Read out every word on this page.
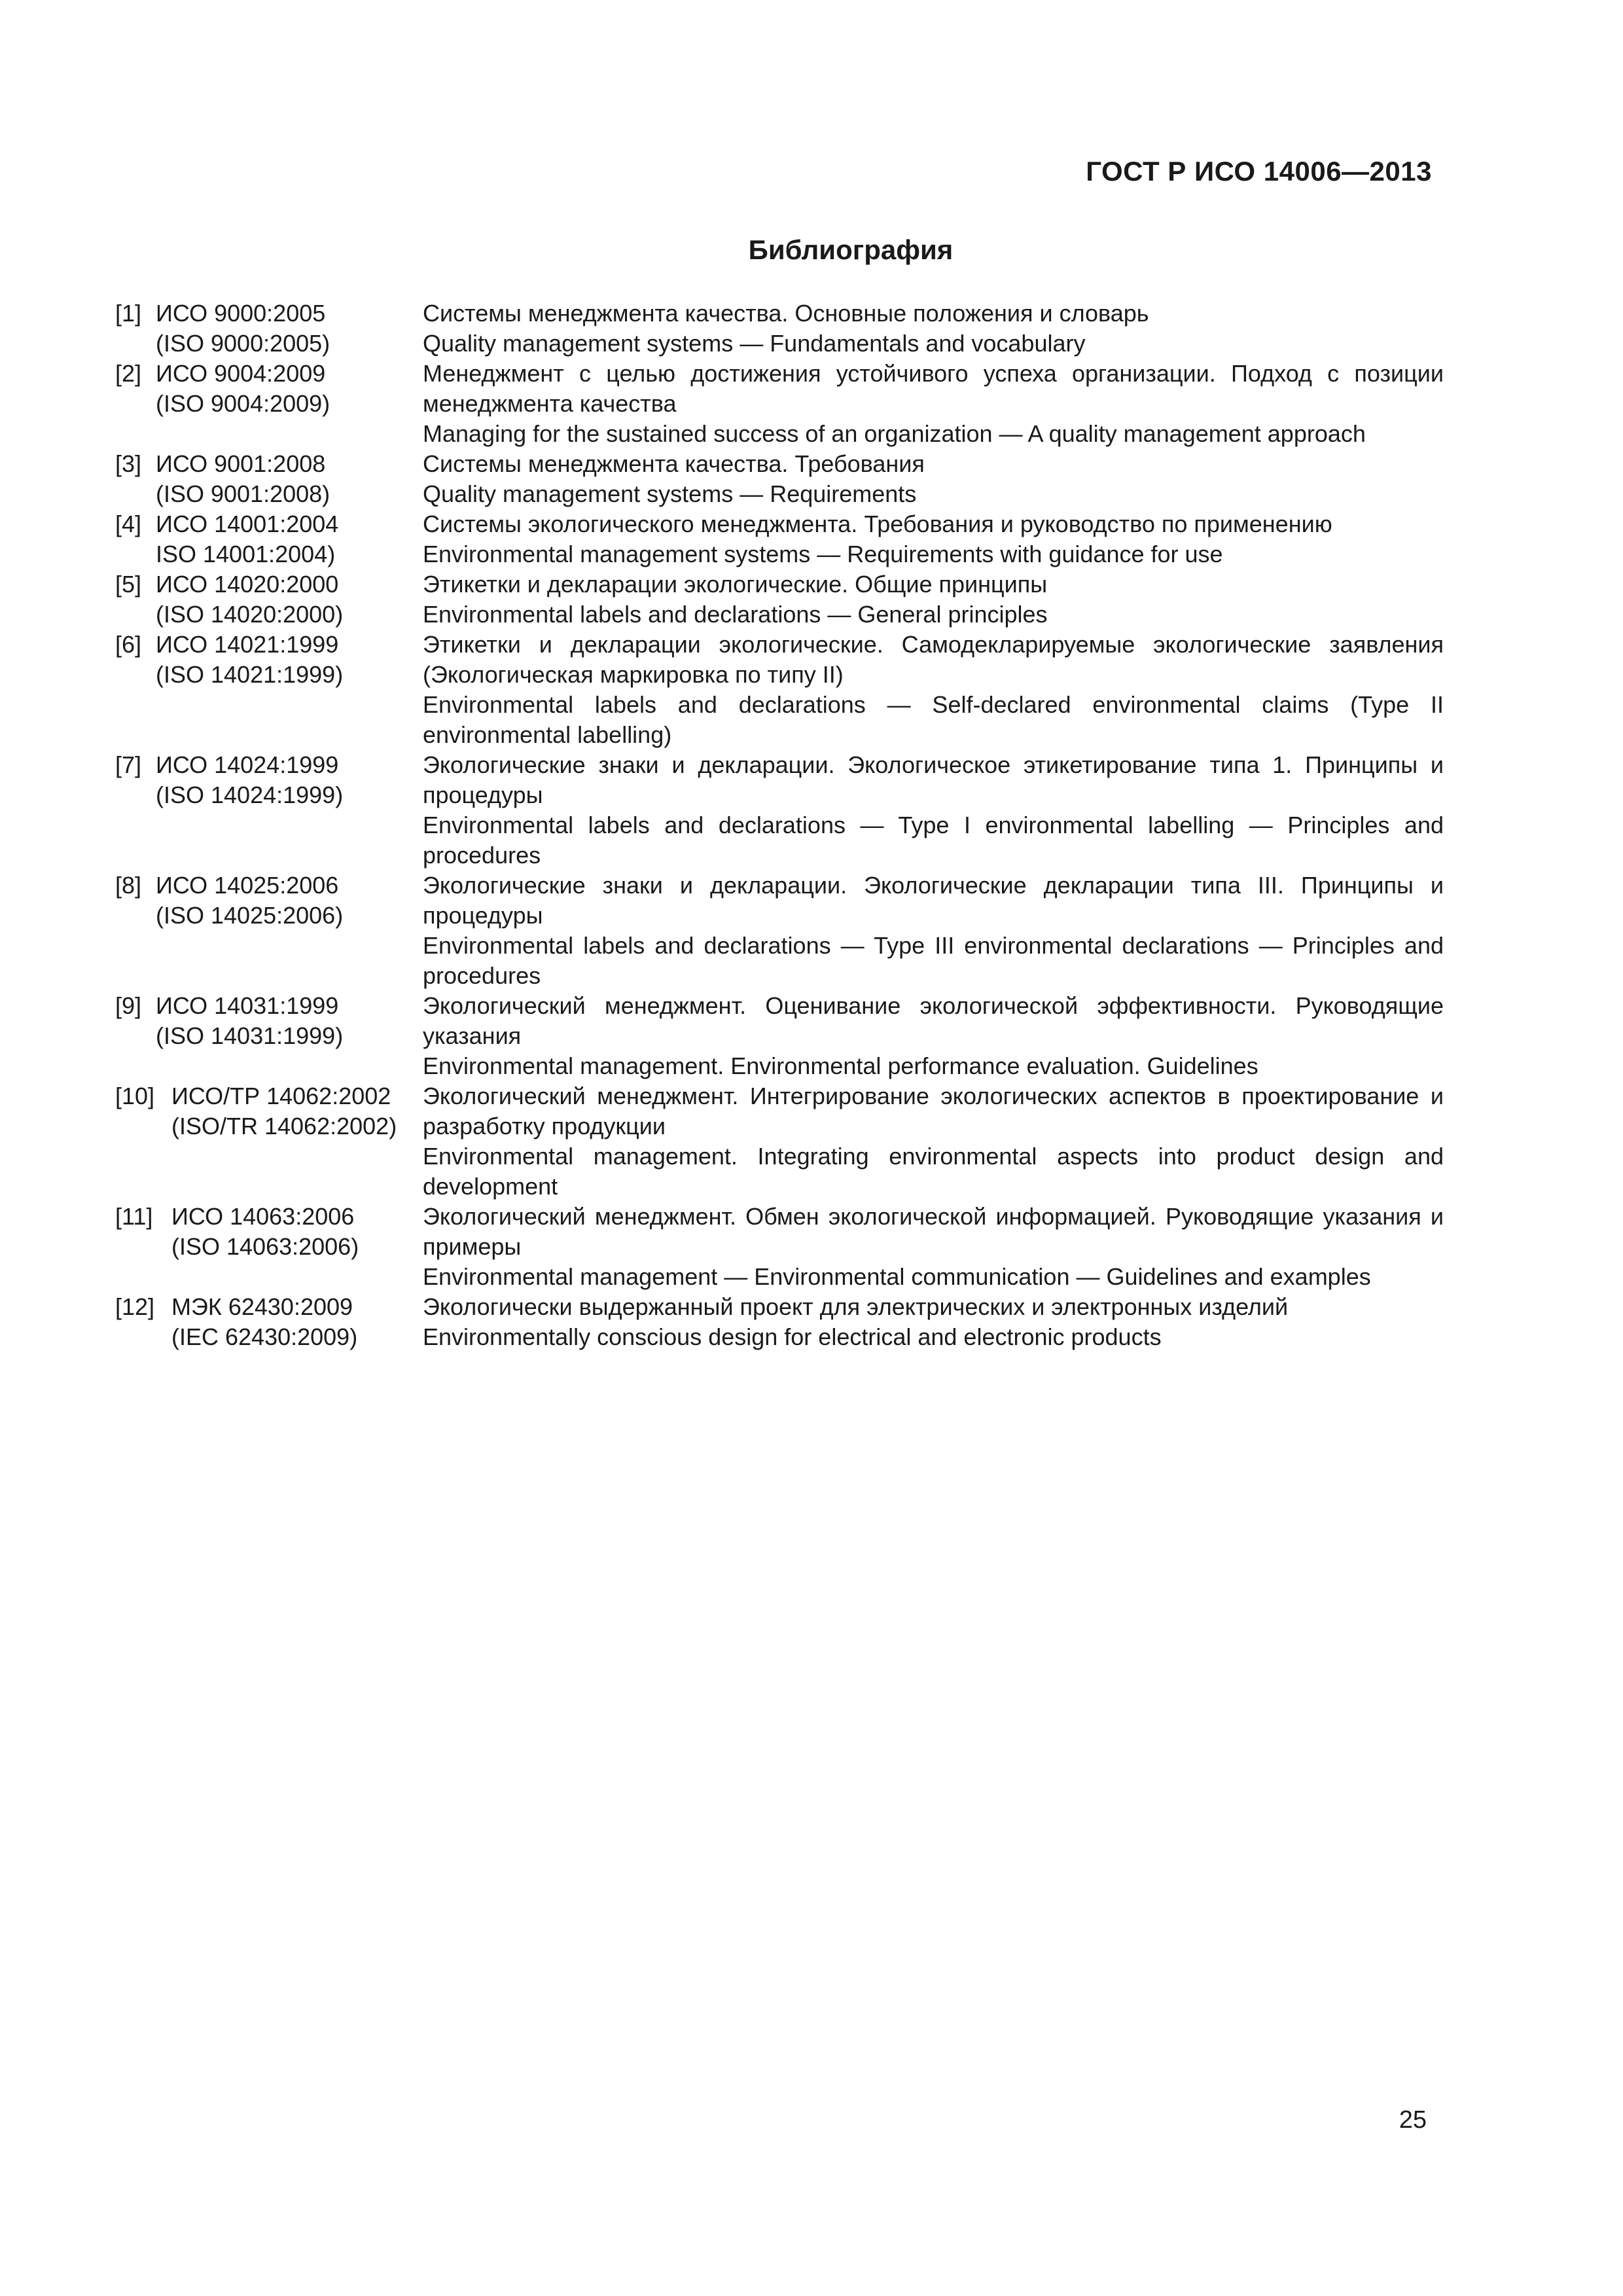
ГОСТ Р ИСО 14006—2013
Библиография
[1] ИСО 9000:2005
(ISO 9000:2005)

Системы менеджмента качества. Основные положения и словарь

Quality management systems — Fundamentals and vocabulary

[2] ИСО 9004:2009
(ISO 9004:2009)

Менеджмент с целью достижения устойчивого успеха организации. Подход с позиции менеджмента качества

Managing for the sustained success of an organization — A quality management approach

[3] ИСО 9001:2008
(ISO 9001:2008)

Системы менеджмента качества. Требования

Quality management systems — Requirements

[4] ИСО 14001:2004
ISO 14001:2004)

Системы экологического менеджмента. Требования и руководство по применению

Environmental management systems — Requirements with guidance for use

[5] ИСО 14020:2000
(ISO 14020:2000)

Этикетки и декларации экологические. Общие принципы

Environmental labels and declarations — General principles

[6] ИСО 14021:1999
(ISO 14021:1999)

Этикетки и декларации экологические. Самодекларируемые экологические заявления (Экологическая маркировка по типу II)

Environmental labels and declarations — Self-declared environmental claims (Type II environmental labelling)

[7] ИСО 14024:1999
(ISO 14024:1999)

Экологические знаки и декларации. Экологическое этикетирование типа 1. Принципы и процедуры

Environmental labels and declarations — Type I environmental labelling — Principles and procedures

[8] ИСО 14025:2006
(ISO 14025:2006)

Экологические знаки и декларации. Экологические декларации типа III. Принципы и процедуры

Environmental labels and declarations — Type III environmental declarations — Principles and procedures

[9] ИСО 14031:1999
(ISO 14031:1999)

Экологический менеджмент. Оценивание экологической эффективности. Руководящие указания

Environmental management. Environmental performance evaluation. Guidelines

[10] ИСО/ТР 14062:2002
(ISO/TR 14062:2002)

Экологический менеджмент. Интегрирование экологических аспектов в проектирование и разработку продукции

Environmental management. Integrating environmental aspects into product design and development

[11] ИСО 14063:2006
(ISO 14063:2006)

Экологический менеджмент. Обмен экологической информацией. Руководящие указания и примеры

Environmental management — Environmental communication — Guidelines and examples

[12] МЭК 62430:2009
(IEC 62430:2009)

Экологически выдержанный проект для электрических и электронных изделий

Environmentally conscious design for electrical and electronic products

25
